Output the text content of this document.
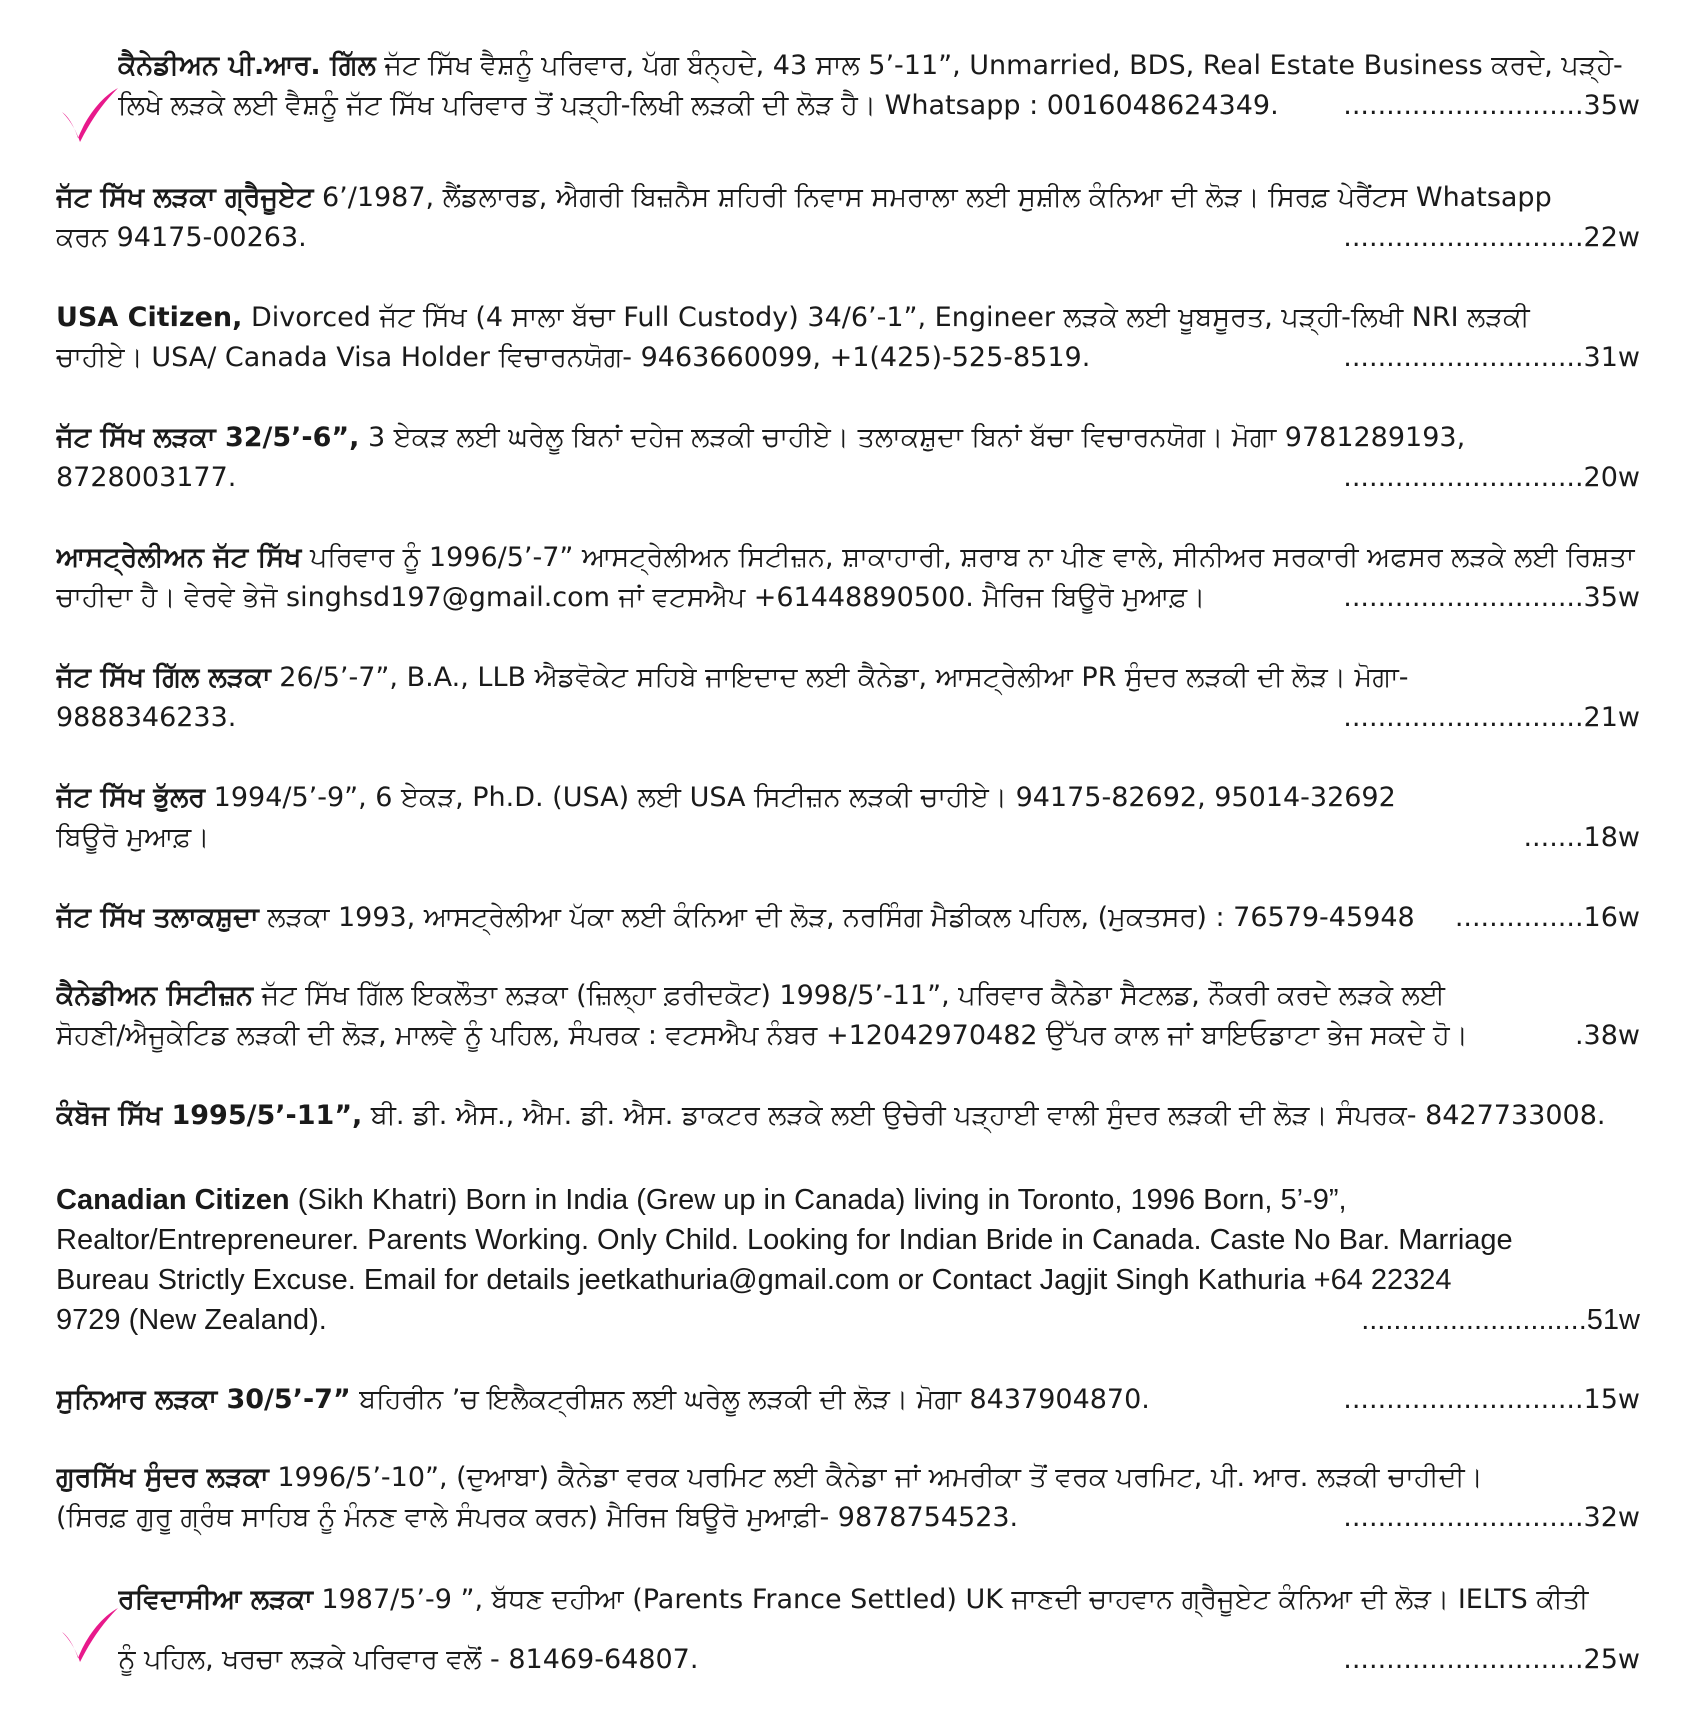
ਕੈਨੇਡੀਅਨ ਪੀ.ਆਰ. ਗਿੱਲ ਜੱਟ ਸਿੱਖ ਵੈਸ਼ਨੂੰ ਪਰਿਵਾਰ, ਪੱਗ ਬੰਨ੍ਹਦੇ, 43 ਸਾਲ 5’-11”, Unmarried, BDS, Real Estate Business ਕਰਦੇ, ਪੜ੍ਹੇ-
ਲਿਖੇ ਲੜਕੇ ਲਈ ਵੈਸ਼ਨੂੰ ਜੱਟ ਸਿੱਖ ਪਰਿਵਾਰ ਤੋਂ ਪੜ੍ਹੀ-ਲਿਖੀ ਲੜਕੀ ਦੀ ਲੋੜ ਹੈ। Whatsapp : 0016048624349. ............................35w
ਜੱਟ ਸਿੱਖ ਲੜਕਾ ਗ੍ਰੈਜੂਏਟ 6’/1987, ਲੈਂਡਲਾਰਡ, ਐਗਰੀ ਬਿਜ਼ਨੈਸ ਸ਼ਹਿਰੀ ਨਿਵਾਸ ਸਮਰਾਲਾ ਲਈ ਸੁਸ਼ੀਲ ਕੰਨਿਆ ਦੀ ਲੋੜ। ਸਿਰਫ਼ ਪੇਰੈਂਟਸ Whatsapp
ਕਰਨ 94175-00263.	............................22w
USA Citizen, Divorced ਜੱਟ ਸਿੱਖ (4 ਸਾਲਾ ਬੱਚਾ Full Custody) 34/6’-1”, Engineer ਲੜਕੇ ਲਈ ਖੂਬਸੂਰਤ, ਪੜ੍ਹੀ-ਲਿਖੀ NRI ਲੜਕੀ
ਚਾਹੀਏ। USA/ Canada Visa Holder ਵਿਚਾਰਨਯੋਗ- 9463660099, +1(425)-525-8519.	............................31w
ਜੱਟ ਸਿੱਖ ਲੜਕਾ 32/5’-6”, 3 ਏਕੜ ਲਈ ਘਰੇਲੂ ਬਿਨਾਂ ਦਹੇਜ ਲੜਕੀ ਚਾਹੀਏ। ਤਲਾਕਸ਼ੁਦਾ ਬਿਨਾਂ ਬੱਚਾ ਵਿਚਾਰਨਯੋਗ। ਮੋਗਾ 9781289193,
8728003177.	............................20w
ਆਸਟ੍ਰੇਲੀਅਨ ਜੱਟ ਸਿੱਖ ਪਰਿਵਾਰ ਨੂੰ 1996/5’-7” ਆਸਟ੍ਰੇਲੀਅਨ ਸਿਟੀਜ਼ਨ, ਸ਼ਾਕਾਹਾਰੀ, ਸ਼ਰਾਬ ਨਾ ਪੀਣ ਵਾਲੇ, ਸੀਨੀਅਰ ਸਰਕਾਰੀ ਅਫਸਰ ਲੜਕੇ ਲਈ ਰਿਸ਼ਤਾ
ਚਾਹੀਦਾ ਹੈ। ਵੇਰਵੇ ਭੇਜੋ singhsd197@gmail.com ਜਾਂ ਵਟਸਐਪ +61448890500. ਮੈਰਿਜ ਬਿਊਰੋ ਮੁਆਫ਼।	............................35w
ਜੱਟ ਸਿੱਖ ਗਿੱਲ ਲੜਕਾ 26/5’-7”, B.A., LLB ਐਡਵੋਕੇਟ ਸਹਿਬੇ ਜਾਇਦਾਦ ਲਈ ਕੈਨੇਡਾ, ਆਸਟ੍ਰੇਲੀਆ PR ਸੁੰਦਰ ਲੜਕੀ ਦੀ ਲੋੜ। ਮੋਗਾ-
9888346233.	............................21w
ਜੱਟ ਸਿੱਖ ਭੁੱਲਰ 1994/5’-9”, 6 ਏਕੜ, Ph.D. (USA) ਲਈ USA ਸਿਟੀਜ਼ਨ ਲੜਕੀ ਚਾਹੀਏ। 94175-82692, 95014-32692
ਬਿਊਰੋ ਮੁਆਫ਼।	.......18w
ਜੱਟ ਸਿੱਖ ਤਲਾਕਸ਼ੁਦਾ ਲੜਕਾ 1993, ਆਸਟ੍ਰੇਲੀਆ ਪੱਕਾ ਲਈ ਕੰਨਿਆ ਦੀ ਲੋੜ, ਨਰਸਿੰਗ ਮੈਡੀਕਲ ਪਹਿਲ, (ਮੁਕਤਸਰ) : 76579-45948 ...............16w
ਕੈਨੇਡੀਅਨ ਸਿਟੀਜ਼ਨ ਜੱਟ ਸਿੱਖ ਗਿੱਲ ਇਕਲੌਤਾ ਲੜਕਾ (ਜ਼ਿਲ੍ਹਾ ਫ਼ਰੀਦਕੋਟ) 1998/5’-11”, ਪਰਿਵਾਰ ਕੈਨੇਡਾ ਸੈਟਲਡ, ਨੌਕਰੀ ਕਰਦੇ ਲੜਕੇ ਲਈ
ਸੋਹਣੀ/ਐਜੂਕੇਟਿਡ ਲੜਕੀ ਦੀ ਲੋੜ, ਮਾਲਵੇ ਨੂੰ ਪਹਿਲ, ਸੰਪਰਕ : ਵਟਸਐਪ ਨੰਬਰ +12042970482 ਉੱਪਰ ਕਾਲ ਜਾਂ ਬਾਇਓਡਾਟਾ ਭੇਜ ਸਕਦੇ ਹੋ।	.38w
ਕੰਬੋਜ ਸਿੱਖ 1995/5’-11”, ਬੀ. ਡੀ. ਐਸ., ਐਮ. ਡੀ. ਐਸ. ਡਾਕਟਰ ਲੜਕੇ ਲਈ ਉਚੇਰੀ ਪੜ੍ਹਾਈ ਵਾਲੀ ਸੁੰਦਰ ਲੜਕੀ ਦੀ ਲੋੜ। ਸੰਪਰਕ- 8427733008.
Canadian Citizen (Sikh Khatri) Born in India (Grew up in Canada) living in Toronto, 1996 Born, 5’-9”,
Realtor/Entrepreneurer. Parents Working. Only Child. Looking for Indian Bride in Canada. Caste No Bar. Marriage
Bureau Strictly Excuse. Email for details jeetkathuria@gmail.com or Contact Jagjit Singh Kathuria +64 22324
9729 (New Zealand).	............................51w
ਸੁਨਿਆਰ ਲੜਕਾ 30/5’-7” ਬਹਿਰੀਨ ’ਚ ਇਲੈਕਟ੍ਰੀਸ਼ਨ ਲਈ ਘਰੇਲੂ ਲੜਕੀ ਦੀ ਲੋੜ। ਮੋਗਾ 8437904870.	............................15w
ਗੁਰਸਿੱਖ ਸੁੰਦਰ ਲੜਕਾ 1996/5’-10”, (ਦੁਆਬਾ) ਕੈਨੇਡਾ ਵਰਕ ਪਰਮਿਟ ਲਈ ਕੈਨੇਡਾ ਜਾਂ ਅਮਰੀਕਾ ਤੋਂ ਵਰਕ ਪਰਮਿਟ, ਪੀ. ਆਰ. ਲੜਕੀ ਚਾਹੀਦੀ।
(ਸਿਰਫ਼ ਗੁਰੂ ਗ੍ਰੰਥ ਸਾਹਿਬ ਨੂੰ ਮੰਨਣ ਵਾਲੇ ਸੰਪਰਕ ਕਰਨ) ਮੈਰਿਜ ਬਿਊਰੋ ਮੁਆਫ਼ੀ- 9878754523.	............................32w
ਰਵਿਦਾਸੀਆ ਲੜਕਾ 1987/5’-9 ”, ਬੱਧਣ ਦਹੀਆ (Parents France Settled) UK ਜਾਣਦੀ ਚਾਹਵਾਨ ਗ੍ਰੈਜੂਏਟ ਕੰਨਿਆ ਦੀ ਲੋੜ। IELTS ਕੀਤੀ
ਨੂੰ ਪਹਿਲ, ਖਰਚਾ ਲੜਕੇ ਪਰਿਵਾਰ ਵਲੋਂ - 81469-64807.	............................25w
